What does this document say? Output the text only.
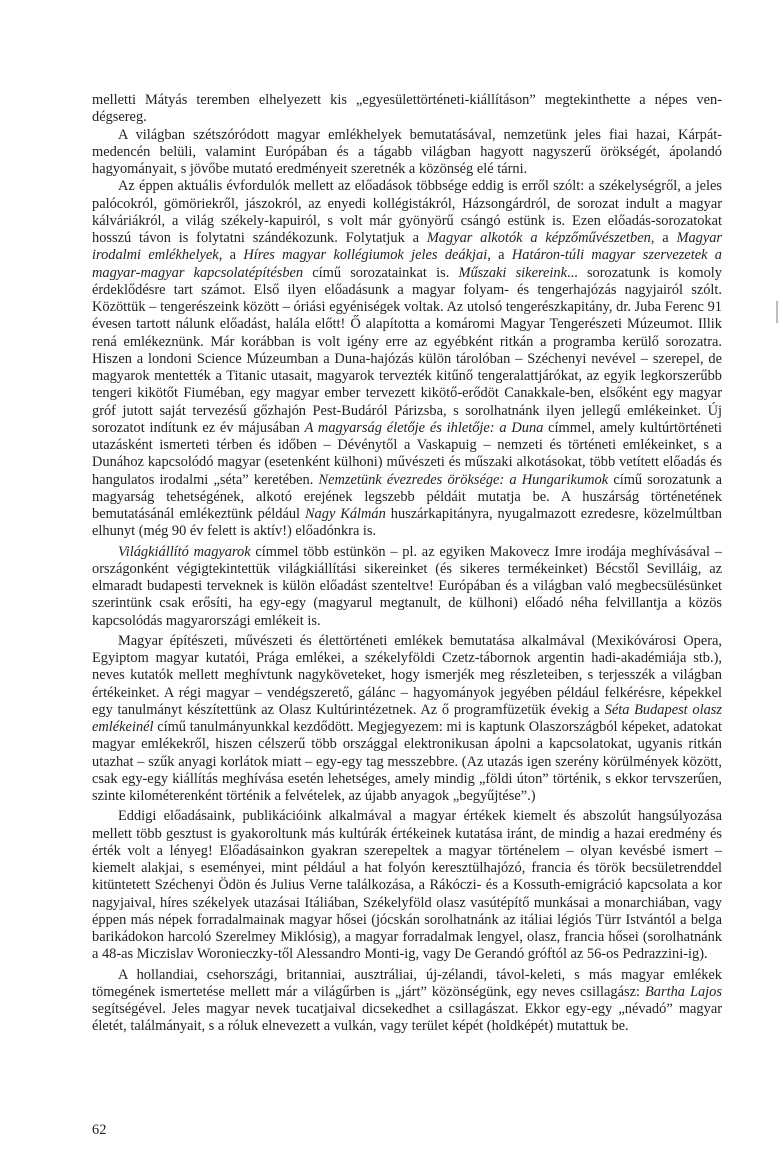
melletti Mátyás teremben elhelyezett kis „egyesülettörténeti-kiállításon” megtekinthette a népes vendégsereg.

A világban szétszóródott magyar emlékhelyek bemutatásával, nemzetünk jeles fiai hazai, Kárpát-medencén belüli, valamint Európában és a tágabb világban hagyott nagyszerű örökségét, ápolandó hagyományait, s jövőbe mutató eredményeit szeretnék a közönség elé tárni.

Az éppen aktuális évfordulók mellett az előadások többsége eddig is erről szólt: a székelységről, a jeles palócokról, gömöriekről, jászokról, az enyedi kollégistákról, Házsongárdról, de sorozat indult a magyar kálváriákról, a világ székely-kapuiról, s volt már gyönyörű csángó estünk is. Ezen előadás-sorozatokat hosszú távon is folytatni szándékozunk. Folytatjuk a Magyar alkotók a képzőművészetben, a Magyar irodalmi emlékhelyek, a Híres magyar kollégiumok jeles deákjai, a Határon-túli magyar szervezetek a magyar-magyar kapcsolatépítésben című sorozatainkat is. Műszaki sikereink... sorozatunk is komoly érdeklődésre tart számot. Első ilyen előadásunk a magyar folyam- és tengerhajózás nagyjairól szólt. Közöttük – tengerészeink között – óriási egyéniségek voltak. Az utolsó tengerészkapitány, dr. Juba Ferenc 91 évesen tartott nálunk előadást, halála előtt! Ő alapította a komáromi Magyar Tengerészeti Múzeumot. Illik rená emlékeznünk. Már korábban is volt igény erre az egyébként ritkán a programba kerülő sorozatra. Hiszen a londoni Science Múzeumban a Duna-hajózás külön tárolóban – Széchenyi nevével – szerepel, de magyarok mentették a Titanic utasait, magyarok tervezték kitűnő tengeralattjárókat, az egyik legkorszerűbb tengeri kikötőt Fiuméban, egy magyar ember tervezett kikötő-erődöt Canakkale-ben, elsőként egy magyar gróf jutott saját tervezésű gőzhajón Pest-Budáról Párizsba, s sorolhatnánk ilyen jellegű emlékeinket. Új sorozatot indítunk ez év májusában A magyarság életője és ihletője: a Duna címmel, amely kultúrtörténeti utazásként ismerteti térben és időben – Dévénytől a Vaskapuig – nemzeti és történeti emlékeinket, s a Dunához kapcsolódó magyar (esetenként külhoni) művészeti és műszaki alkotásokat, több vetített előadás és hangulatos irodalmi „séta” keretében. Nemzetünk évezredes öröksége: a Hungarikumok című sorozatunk a magyarság tehetségének, alkotó erejének legszebb példáit mutatja be. A huszárság történetének bemutatásánál emlékeztünk például Nagy Kálmán huszárkapitányra, nyugalmazott ezredesre, közelmúltban elhunyt (még 90 év felett is aktív!) előadónkra is.

Világkiállító magyarok címmel több estünkön – pl. az egyiken Makovecz Imre irodája meghívásával – országonként végigtekintettük világkiállítási sikereinket (és sikeres termékeinket) Bécstől Sevilláig, az elmaradt budapesti terveknek is külön előadást szenteltve! Európában és a világban való megbecsülésünket szerintünk csak erősíti, ha egy-egy (magyarul megtanult, de külhoni) előadó néha felvillantja a közös kapcsolódás magyarországi emlékeit is.

Magyar építészeti, művészeti és élettörténeti emlékek bemutatása alkalmával (Mexikóvárosi Opera, Egyiptom magyar kutatói, Prága emlékei, a székelyföldi Czetz-tábornok argentin hadi-akadémiája stb.), neves kutatók mellett meghívtunk nagyköveteket, hogy ismerjék meg részleteiben, s terjesszék a világban értékeinket. A régi magyar – vendégszerető, gálánс – hagyományok jegyében például felkérésre, képekkel egy tanulmányt készítettünk az Olasz Kultúrintézetnek. Az ő programfüzetük évekig a Séta Budapest olasz emlékeinél című tanulmányunkkal kezdődött. Megjegyezem: mi is kaptunk Olaszországból képeket, adatokat magyar emlékekről, hiszen célszerű több országgal elektronikusan ápolni a kapcsolatokat, ugyanis ritkán utazhat – szűk anyagi korlátok miatt – egy-egy tag messzebbre. (Az utazás igen szerény körülmények között, csak egy-egy kiállítás meghívása esetén lehetséges, amely mindig „földi úton” történik, s ekkor tervszerűen, szinte kilométerenként történik a felvételek, az újabb anyagok „begyűjtése”.)

Eddigi előadásaink, publikációink alkalmával a magyar értékek kiemelt és abszolút hangsúlyozása mellett több gesztust is gyakoroltunk más kultúrák értékeinek kutatása iránt, de mindig a hazai eredmény és érték volt a lényeg! Előadásainkon gyakran szerepeltek a magyar történelem – olyan kevésbé ismert – kiemelt alakjai, s eseményei, mint például a hat folyón keresztülhajózó, francia és török becsületrenddel kitüntetett Széchenyi Ödön és Julius Verne találkozása, a Rákóczi- és a Kossuth-emigráció kapcsolata a kor nagyjaival, híres székelyek utazásai Itáliában, Székelyföld olasz vasútépítő munkásai a monarchiában, vagy éppen más népek forradalmainak magyar hősei (jócskán sorolhatnánk az itáliai légiós Türr Istvántól a belga barikádokon harcoló Szerelmey Miklósig), a magyar forradalmak lengyel, olasz, francia hősei (sorolhatnánk a 48-as Miczislav Woronieczky-től Alessandro Monti-ig, vagy De Gerandó gróftól az 56-os Pedrazzini-ig).

A hollandiai, csehországi, britanniai, ausztráliai, új-zélandi, távol-keleti, s más magyar emlékek tömegének ismertetése mellett már a világűrben is „járt” közönségünk, egy neves csillagász: Bartha Lajos segítségével. Jeles magyar nevek tucatjaival dicsekedhet a csillagászat. Ekkor egy-egy „névadó” magyar életét, találmányait, s a róluk elnevezett a vulkán, vagy terület képét (holdképét) mutattuk be.

62
